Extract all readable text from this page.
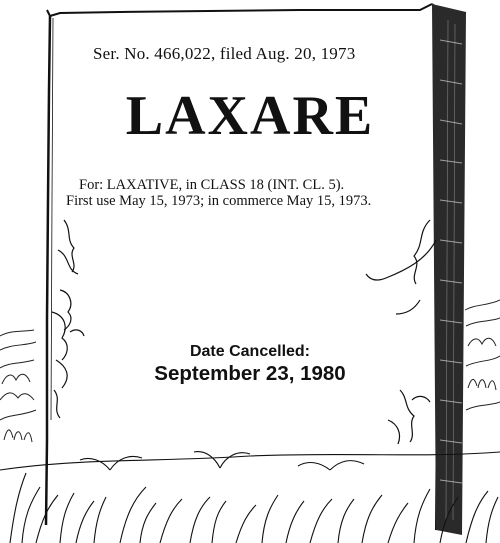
Ser. No. 466,022, filed Aug. 20, 1973
LAXARE
For: LAXATIVE, in CLASS 18 (INT. CL. 5).
First use May 15, 1973; in commerce May 15, 1973.
Date Cancelled:
September 23, 1980
